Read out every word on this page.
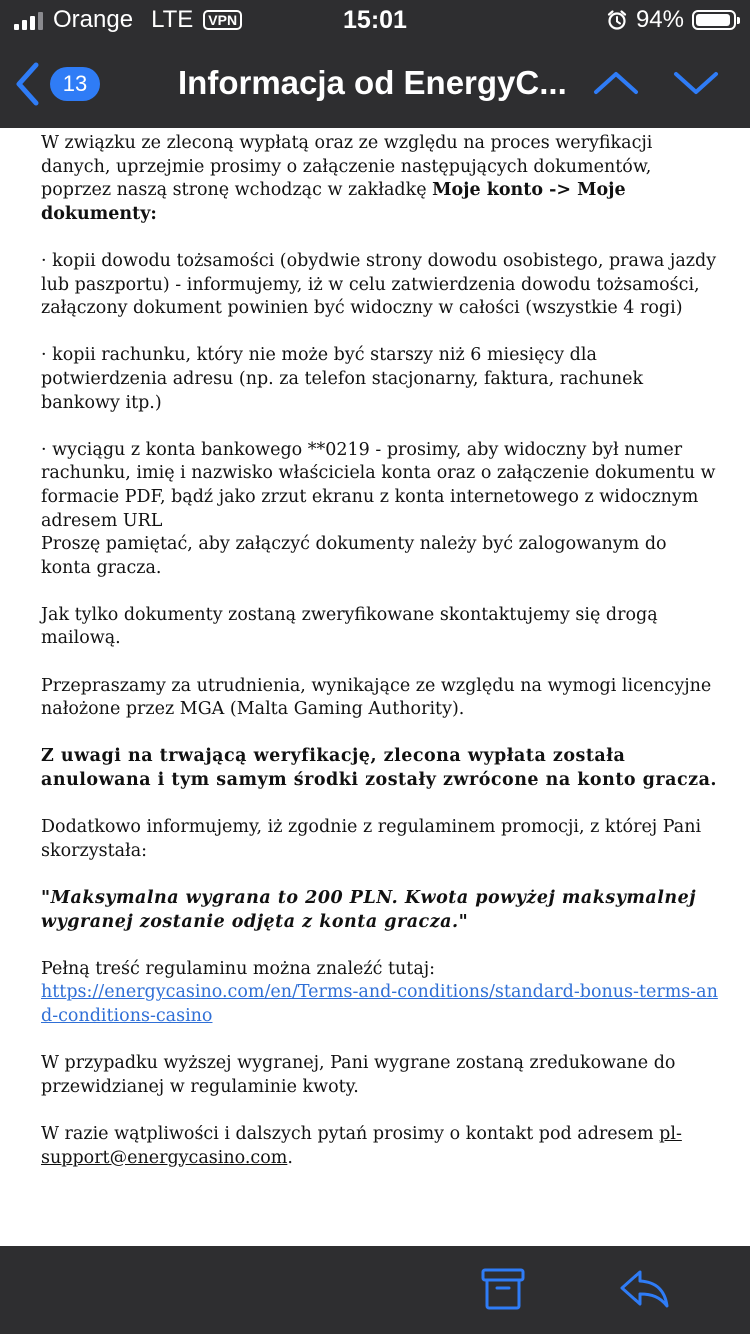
Orange LTE	VPN	15:01	94%
13	Informacja od EnergyC...

W związku ze zleconą wypłatą oraz ze względu na proces weryfikacji danych, uprzejmie prosimy o załączenie następujących dokumentów, poprzez naszą stronę wchodząc w zakładkę Moje konto -> Moje dokumenty:

· kopii dowodu tożsamości (obydwie strony dowodu osobistego, prawa jazdy lub paszportu) - informujemy, iż w celu zatwierdzenia dowodu tożsamości, załączony dokument powinien być widoczny w całości (wszystkie 4 rogi)

· kopii rachunku, który nie może być starszy niż 6 miesięcy dla potwierdzenia adresu (np. za telefon stacjonarny, faktura, rachunek bankowy itp.)

· wyciągu z konta bankowego **0219 - prosimy, aby widoczny był numer rachunku, imię i nazwisko właściciela konta oraz o załączenie dokumentu w formacie PDF, bądź jako zrzut ekranu z konta internetowego z widocznym adresem URL
Proszę pamiętać, aby załączyć dokumenty należy być zalogowanym do konta gracza.

Jak tylko dokumenty zostaną zweryfikowane skontaktujemy się drogą mailową.

Przepraszamy za utrudnienia, wynikające ze względu na wymogi licencyjne nałożone przez MGA (Malta Gaming Authority).

Z uwagi na trwającą weryfikację, zlecona wypłata została anulowana i tym samym środki zostały zwrócone na konto gracza.

Dodatkowo informujemy, iż zgodnie z regulaminem promocji, z której Pani skorzystała:

"Maksymalna wygrana to 200 PLN. Kwota powyżej maksymalnej wygranej zostanie odjęta z konta gracza."

Pełną treść regulaminu można znaleźć tutaj:
https://energycasino.com/en/Terms-and-conditions/standard-bonus-terms-and-conditions-casino

W przypadku wyższej wygranej, Pani wygrane zostaną zredukowane do przewidzianej w regulaminie kwoty.

W razie wątpliwości i dalszych pytań prosimy o kontakt pod adresem pl-support@energycasino.com.
